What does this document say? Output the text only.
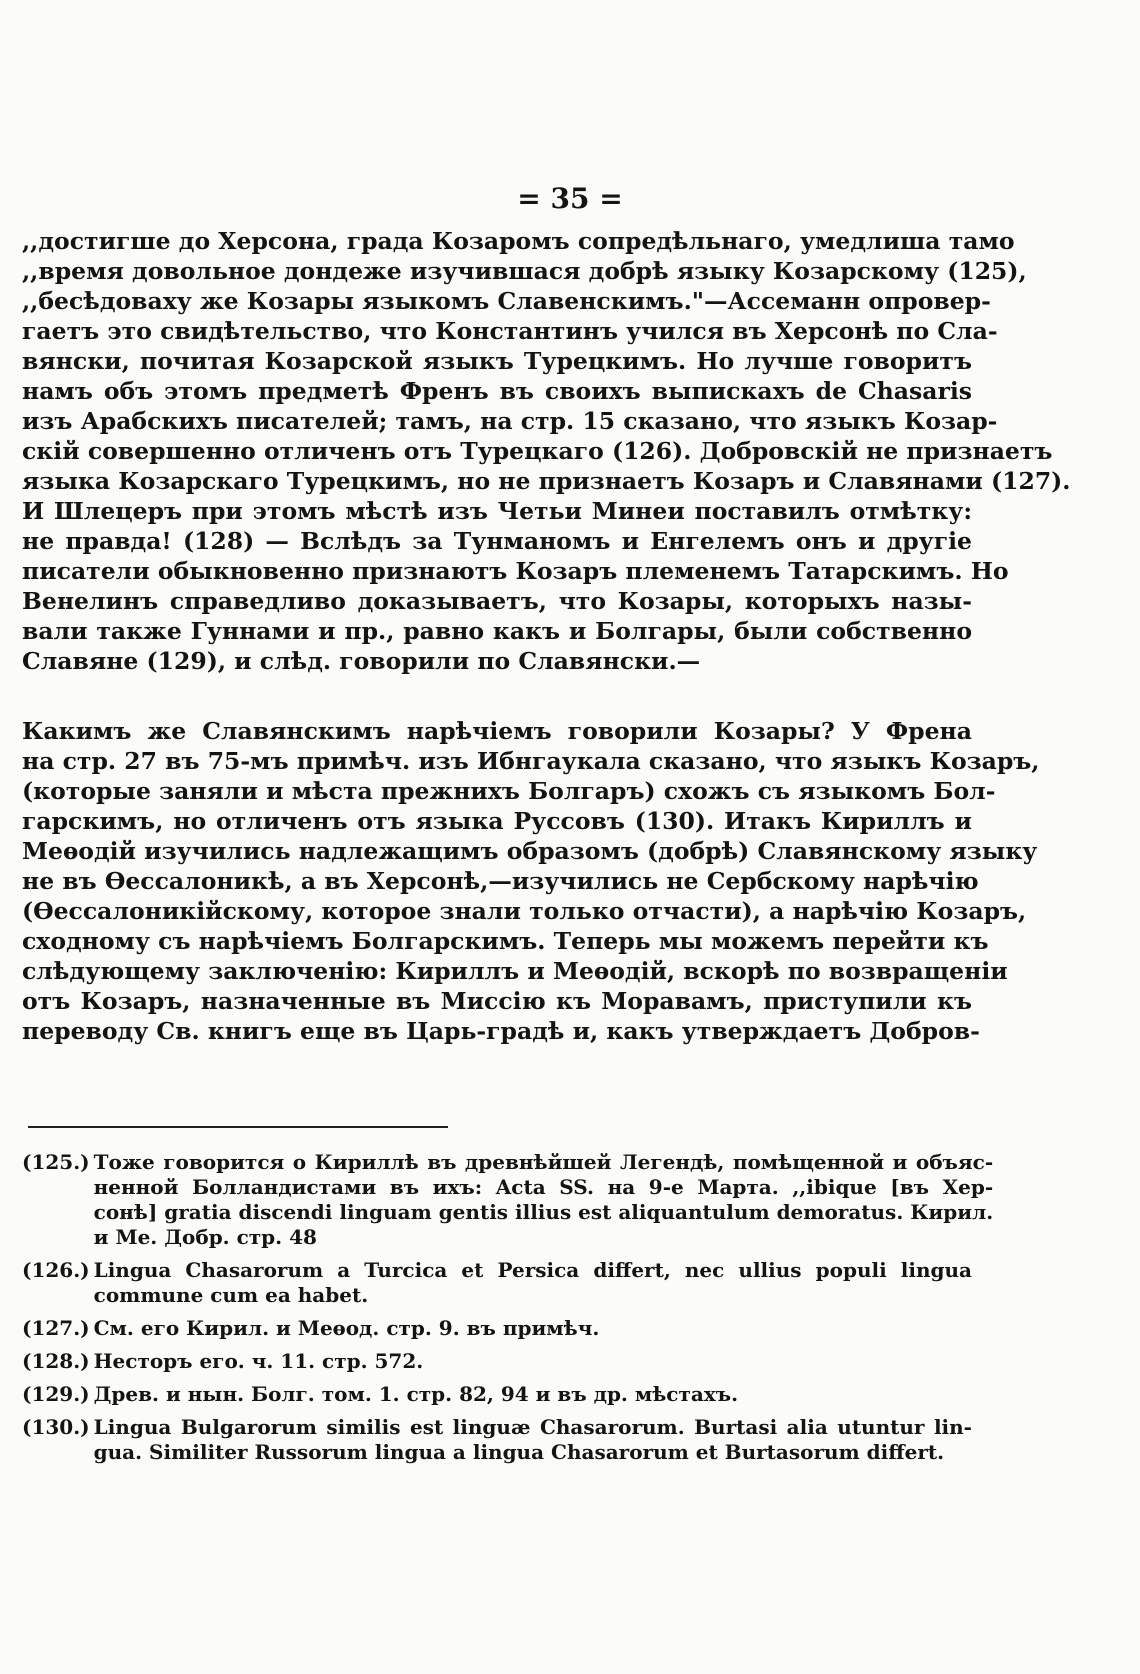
= 35 =

,,достигше до Херсона, града Козаромъ сопредѣльнаго, умедлиша тамо
,,время довольное дондеже изучившася добрѣ языку Козарскому (125),
,,бесѣдоваху же Козары языкомъ Славенскимъ."—Ассеманн опровер-
гаетъ это свидѣтельство, что Константинъ учился въ Херсонѣ по Сла-
вянски, почитая Козарской языкъ Турецкимъ. Но лучше говоритъ
намъ объ этомъ предметѣ Френъ въ своихъ выпискахъ de Chasaris
изъ Арабскихъ писателей; тамъ, на стр. 15 сказано, что языкъ Козар-
скій совершенно отличенъ отъ Турецкаго (126). Добровскій не признаетъ
языка Козарскаго Турецкимъ, но не признаетъ Козаръ и Славянами (127).
И Шлецеръ при этомъ мѣстѣ изъ Четьи Минеи поставилъ отмѣтку:
не правда! (128) — Вслѣдъ за Тунманомъ и Енгелемъ онъ и другіе
писатели обыкновенно признаютъ Козаръ племенемъ Татарскимъ. Но
Венелинъ справедливо доказываетъ, что Козары, которыхъ назы-
вали также Гуннами и пр., равно какъ и Болгары, были собственно
Славяне (129), и слѣд. говорили по Славянски.—

Какимъ же Славянскимъ нарѣчіемъ говорили Козары? У Френа
на стр. 27 въ 75-мъ примѣч. изъ Ибнгаукала сказано, что языкъ Козаръ,
(которые заняли и мѣста прежнихъ Болгаръ) схожъ съ языкомъ Бол-
гарскимъ, но отличенъ отъ языка Руссовъ (130). Итакъ Кириллъ и
Меѳодій изучились надлежащимъ образомъ (добрѣ) Славянскому языку
не въ Ѳессалоникѣ, а въ Херсонѣ,—изучились не Сербскому нарѣчію
(Ѳессалоникійскому, которое знали только отчасти), а нарѣчію Козаръ,
сходному съ нарѣчіемъ Болгарскимъ. Теперь мы можемъ перейти къ
слѣдующему заключенію: Кириллъ и Меѳодій, вскорѣ по возвращеніи
отъ Козаръ, назначенные въ Миссію къ Моравамъ, приступили къ
переводу Св. книгъ еще въ Царь-градѣ и, какъ утверждаетъ Добров-

(125.) Тоже говорится о Кириллѣ въ древнѣйшей Легендѣ, помѣщенной и объяс-
ненной Болландистами въ ихъ: Acta SS. на 9-е Марта. ,,ibique [въ Хер-
сонѣ] gratia discendi linguam gentis illius est aliquantulum demoratus. Кирил.
и Ме. Добр. стр. 48
(126.) Lingua Chasarorum a Turcica et Persica differt, nec ullius populi lingua
commune cum ea habet.
(127.) См. его Кирил. и Меѳод. стр. 9. въ примѣч.
(128.) Несторъ его. ч. 11. стр. 572.
(129.) Древ. и нын. Болг. том. 1. стр. 82, 94 и въ др. мѣстахъ.
(130.) Lingua Bulgarorum similis est linguæ Chasarorum. Burtasi alia utuntur lin-
gua. Similiter Russorum lingua a lingua Chasarorum et Burtasorum differt.
